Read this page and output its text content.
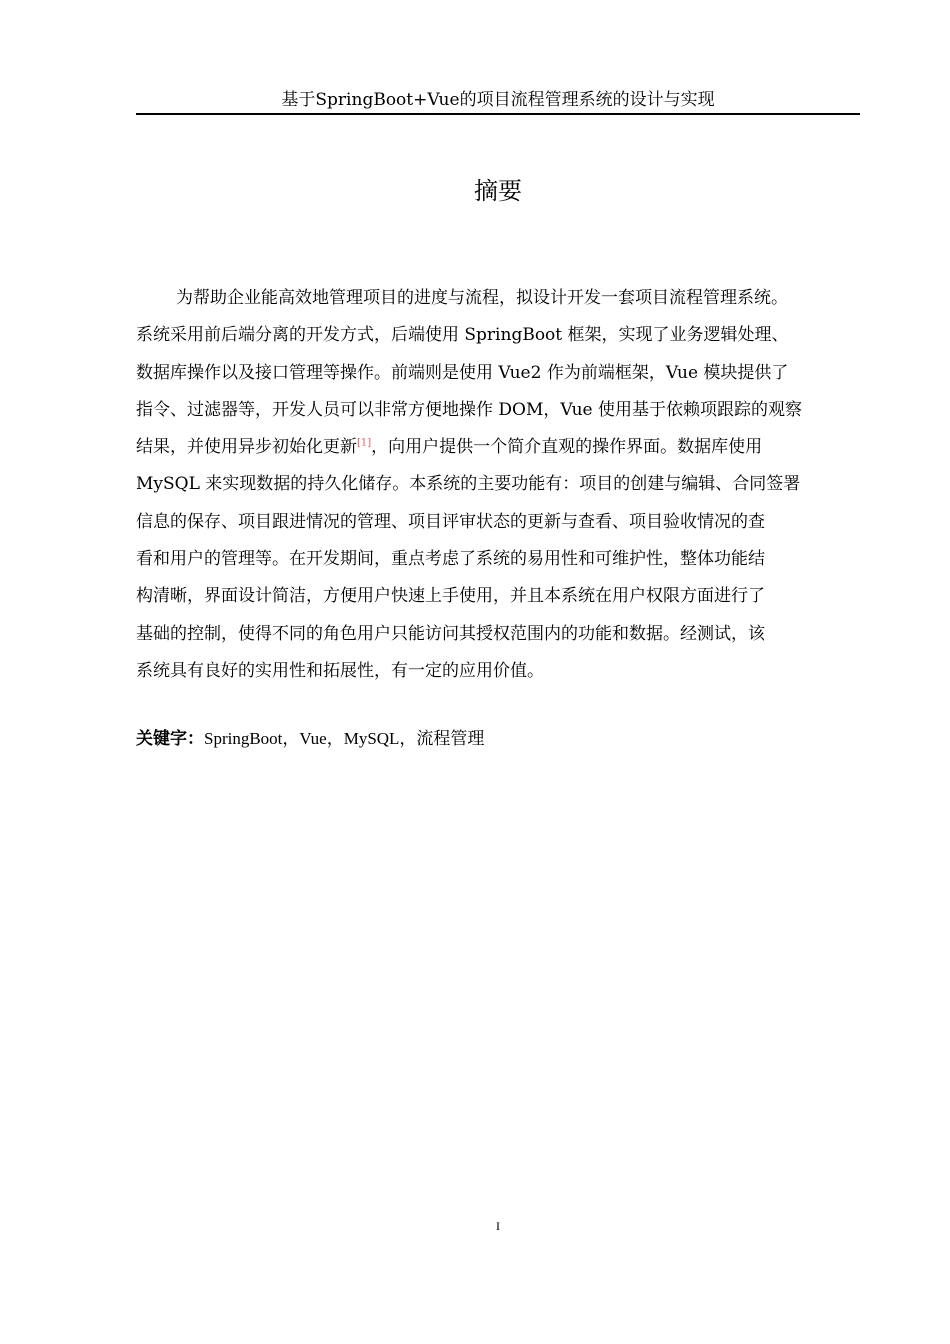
基于SpringBoot+Vue的项目流程管理系统的设计与实现
摘要
为帮助企业能高效地管理项目的进度与流程，拟设计开发一套项目流程管理系统。
系统采用前后端分离的开发方式，后端使用 SpringBoot 框架，实现了业务逻辑处理、
数据库操作以及接口管理等操作。前端则是使用 Vue2 作为前端框架，Vue 模块提供了
指令、过滤器等，开发人员可以非常方便地操作 DOM，Vue 使用基于依赖项跟踪的观察
结果，并使用异步初始化更新[1]，向用户提供一个简介直观的操作界面。数据库使用
MySQL 来实现数据的持久化储存。本系统的主要功能有：项目的创建与编辑、合同签署
信息的保存、项目跟进情况的管理、项目评审状态的更新与查看、项目验收情况的查
看和用户的管理等。在开发期间，重点考虑了系统的易用性和可维护性，整体功能结
构清晰，界面设计简洁，方便用户快速上手使用，并且本系统在用户权限方面进行了
基础的控制，使得不同的角色用户只能访问其授权范围内的功能和数据。经测试，该
系统具有良好的实用性和拓展性，有一定的应用价值。
关键字：SpringBoot，Vue，MySQL，流程管理
I
